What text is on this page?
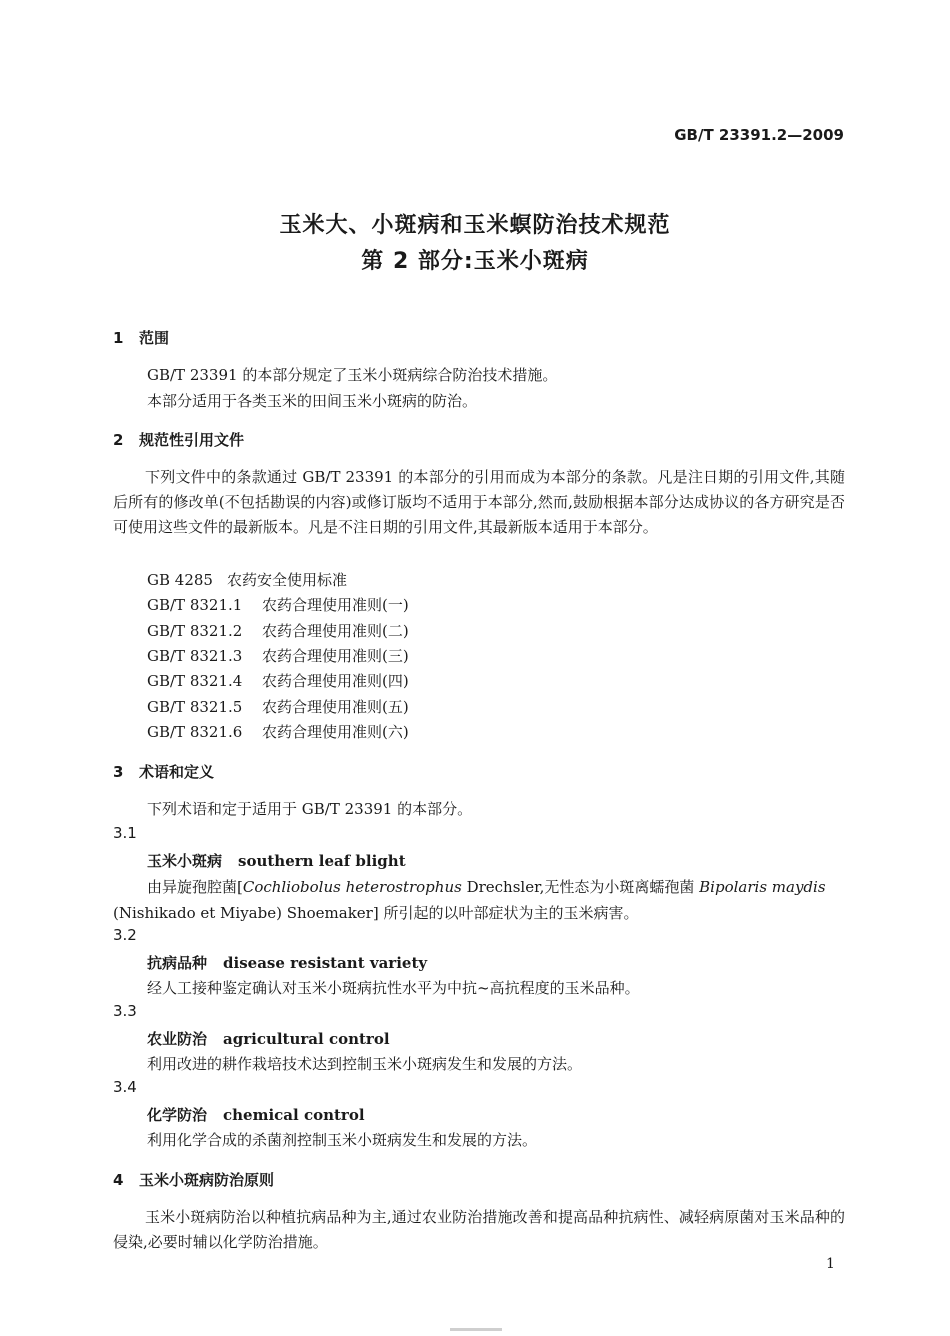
GB/T 23391.2—2009
玉米大、小斑病和玉米螟防治技术规范
第 2 部分:玉米小斑病
1 范围
GB/T 23391 的本部分规定了玉米小斑病综合防治技术措施。
本部分适用于各类玉米的田间玉米小斑病的防治。
2 规范性引用文件
下列文件中的条款通过 GB/T 23391 的本部分的引用而成为本部分的条款。凡是注日期的引用文件,其随后所有的修改单(不包括勘误的内容)或修订版均不适用于本部分,然而,鼓励根据本部分达成协议的各方研究是否可使用这些文件的最新版本。凡是不注日期的引用文件,其最新版本适用于本部分。
GB 4285 农药安全使用标准
GB/T 8321.1 农药合理使用准则(一)
GB/T 8321.2 农药合理使用准则(二)
GB/T 8321.3 农药合理使用准则(三)
GB/T 8321.4 农药合理使用准则(四)
GB/T 8321.5 农药合理使用准则(五)
GB/T 8321.6 农药合理使用准则(六)
3 术语和定义
下列术语和定于适用于 GB/T 23391 的本部分。
3.1
玉米小斑病 southern leaf blight
由异旋孢腔菌[Cochliobolus heterostrophus Drechsler,无性态为小斑离蠕孢菌 Bipolaris maydis
(Nishikado et Miyabe) Shoemaker] 所引起的以叶部症状为主的玉米病害。
3.2
抗病品种 disease resistant variety
经人工接种鉴定确认对玉米小斑病抗性水平为中抗~高抗程度的玉米品种。
3.3
农业防治 agricultural control
利用改进的耕作栽培技术达到控制玉米小斑病发生和发展的方法。
3.4
化学防治 chemical control
利用化学合成的杀菌剂控制玉米小斑病发生和发展的方法。
4 玉米小斑病防治原则
玉米小斑病防治以种植抗病品种为主,通过农业防治措施改善和提高品种抗病性、减轻病原菌对玉米品种的侵染,必要时辅以化学防治措施。
1
